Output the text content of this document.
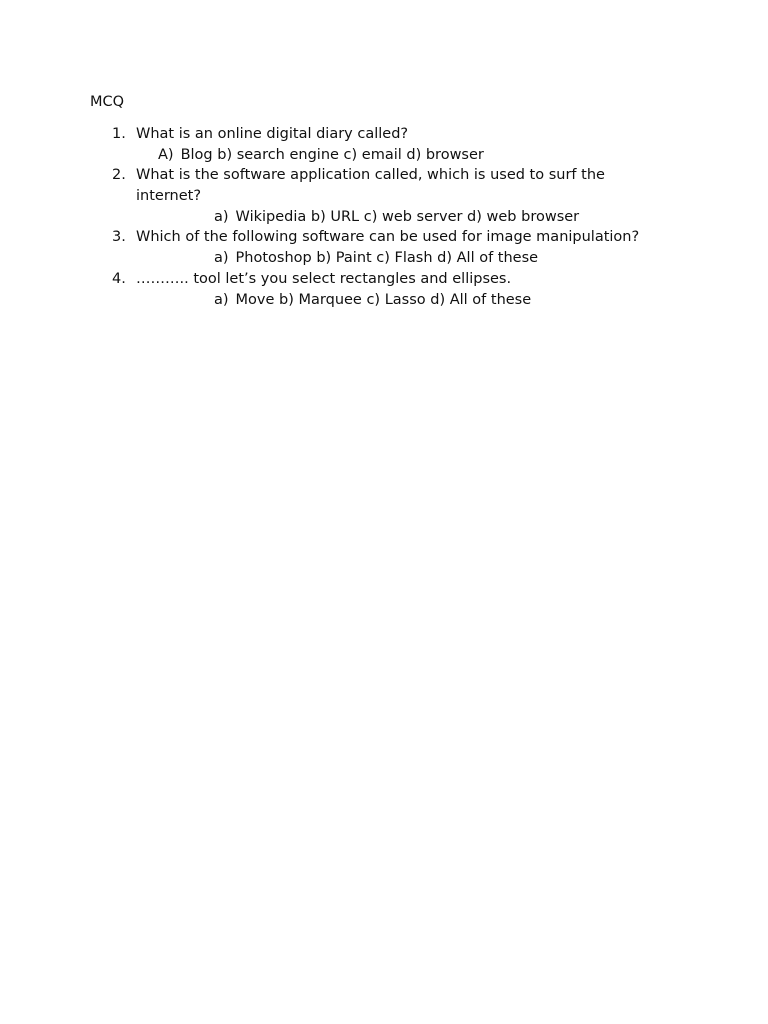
MCQ
1. What is an online digital diary called?
A) Blog b) search engine c) email d) browser
2. What is the software application called, which is used to surf the internet?
a) Wikipedia b) URL c) web server d) web browser
3. Which of the following software can be used for image manipulation?
a) Photoshop b) Paint c) Flash d) All of these
4. ……….. tool let’s you select rectangles and ellipses.
a) Move b) Marquee c) Lasso d) All of these
